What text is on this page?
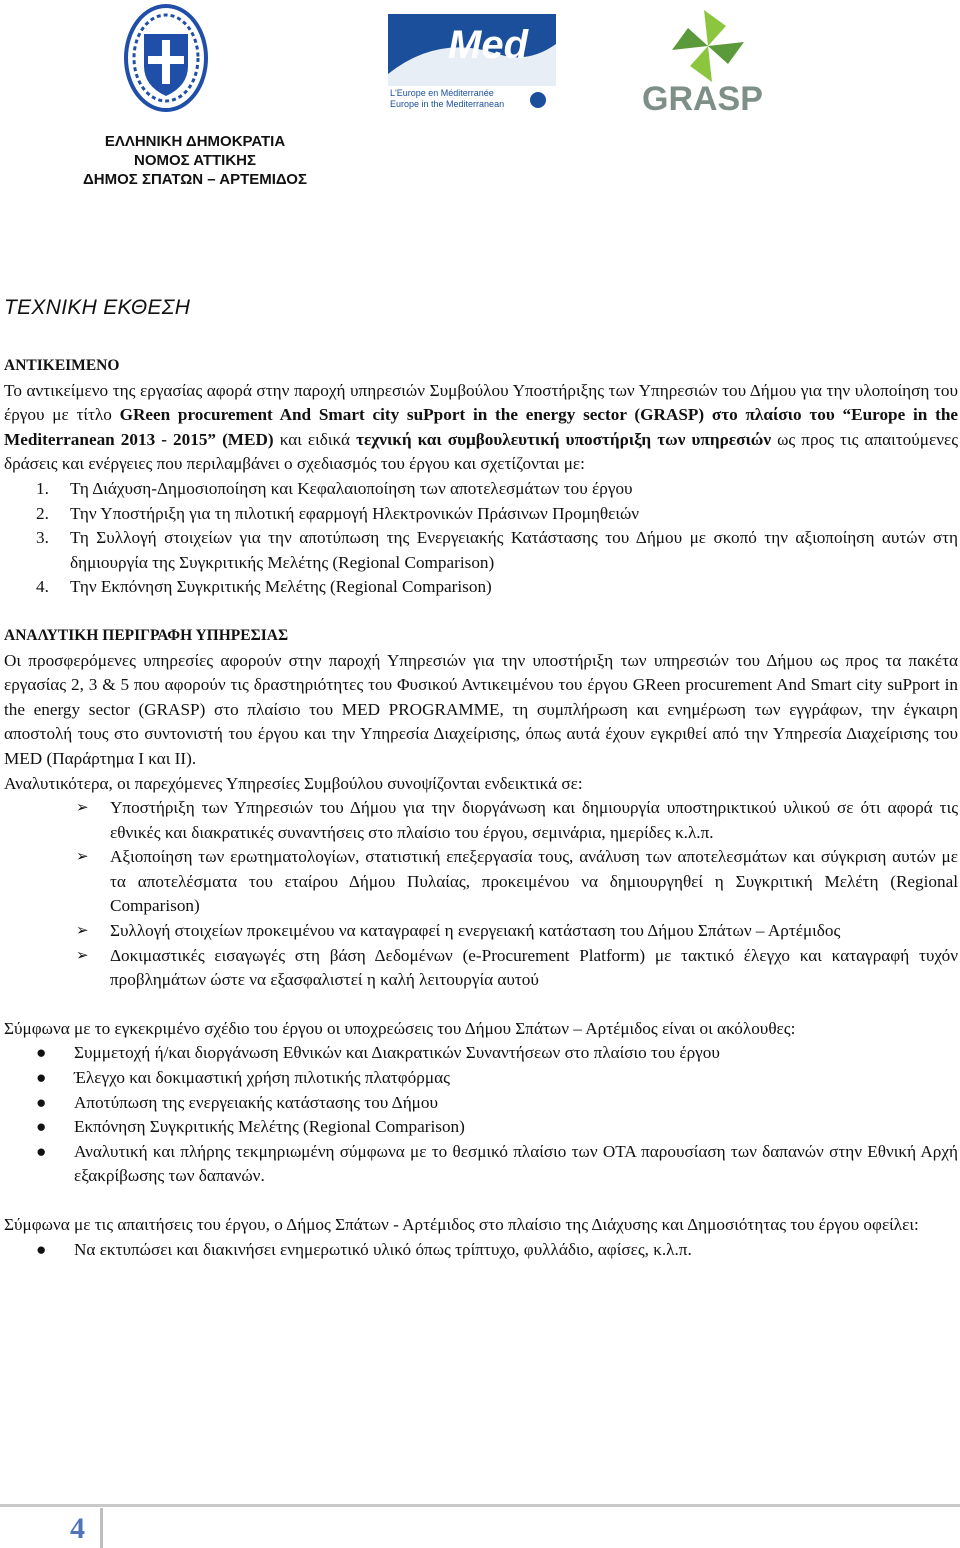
Med
L'Europe en Méditerranée
Europe in the Mediterranean	GRASP
ΕΛΛΗΝΙΚΗ ΔΗΜΟΚΡΑΤΙΑ
ΝΟΜΟΣ ΑΤΤΙΚΗΣ
ΔΗΜΟΣ ΣΠΑΤΩΝ – ΑΡΤΕΜΙΔΟΣ
ΤΕΧΝΙΚΗ ΕΚΘΕΣΗ

ΑΝΤΙΚΕΙΜΕΝΟ

Το αντικείμενο της εργασίας αφορά στην παροχή υπηρεσιών Συμβούλου Υποστήριξης των Υπηρεσιών του Δήμου για την υλοποίηση του έργου με τίτλο GReen procurement And Smart city suPport in the energy sector (GRASP) στο πλαίσιο του “Europe in the Mediterranean 2013 - 2015” (MED) και ειδικά τεχνική και συμβουλευτική υποστήριξη των υπηρεσιών ως προς τις απαιτούμενες δράσεις και ενέργειες που περιλαμβάνει ο σχεδιασμός του έργου και σχετίζονται με:

1.	Τη Διάχυση-Δημοσιοποίηση και Κεφαλαιοποίηση των αποτελεσμάτων του έργου
2.	Την Υποστήριξη για τη πιλοτική εφαρμογή Ηλεκτρονικών Πράσινων Προμηθειών
3.	Τη Συλλογή στοιχείων για την αποτύπωση της Ενεργειακής Κατάστασης του Δήμου με σκοπό την αξιοποίηση αυτών στη δημιουργία της Συγκριτικής Μελέτης (Regional Comparison)
4.	Την Εκπόνηση Συγκριτικής Μελέτης (Regional Comparison)

ΑΝΑΛΥΤΙΚΗ ΠΕΡΙΓΡΑΦΗ ΥΠΗΡΕΣΙΑΣ

Οι προσφερόμενες υπηρεσίες αφορούν στην παροχή Υπηρεσιών για την υποστήριξη των υπηρεσιών του Δήμου ως προς τα πακέτα εργασίας 2, 3 & 5 που αφορούν τις δραστηριότητες του Φυσικού Αντικειμένου του έργου GReen procurement And Smart city suPport in the energy sector (GRASP) στο πλαίσιο του MED PROGRAMME, τη συμπλήρωση και ενημέρωση των εγγράφων, την έγκαιρη αποστολή τους στο συντονιστή του έργου και την Υπηρεσία Διαχείρισης, όπως αυτά έχουν εγκριθεί από την Υπηρεσία Διαχείρισης του MED (Παράρτημα Ι και ΙΙ).

Αναλυτικότερα, οι παρεχόμενες Υπηρεσίες Συμβούλου συνοψίζονται ενδεικτικά σε:

➢	Υποστήριξη των Υπηρεσιών του Δήμου για την διοργάνωση και δημιουργία υποστηρικτικού υλικού σε ότι αφορά τις εθνικές και διακρατικές συναντήσεις στο πλαίσιο του έργου, σεμινάρια, ημερίδες κ.λ.π.
➢	Αξιοποίηση των ερωτηματολογίων, στατιστική επεξεργασία τους, ανάλυση των αποτελεσμάτων και σύγκριση αυτών με τα αποτελέσματα του εταίρου Δήμου Πυλαίας, προκειμένου να δημιουργηθεί η Συγκριτική Μελέτη (Regional Comparison)
➢	Συλλογή στοιχείων προκειμένου να καταγραφεί η ενεργειακή κατάσταση του Δήμου Σπάτων – Αρτέμιδος
➢	Δοκιμαστικές εισαγωγές στη βάση Δεδομένων (e-Procurement Platform) με τακτικό έλεγχο και καταγραφή τυχόν προβλημάτων ώστε να εξασφαλιστεί η καλή λειτουργία αυτού

Σύμφωνα με το εγκεκριμένο σχέδιο του έργου οι υποχρεώσεις του Δήμου Σπάτων – Αρτέμιδος είναι οι ακόλουθες:

●	Συμμετοχή ή/και διοργάνωση Εθνικών και Διακρατικών Συναντήσεων στο πλαίσιο του έργου
●	Έλεγχο και δοκιμαστική χρήση πιλοτικής πλατφόρμας
●	Αποτύπωση της ενεργειακής κατάστασης του Δήμου
●	Εκπόνηση Συγκριτικής Μελέτης (Regional Comparison)
●	Αναλυτική και πλήρης τεκμηριωμένη σύμφωνα με το θεσμικό πλαίσιο των ΟΤΑ παρουσίαση των δαπανών στην Εθνική Αρχή εξακρίβωσης των δαπανών.

Σύμφωνα με τις απαιτήσεις του έργου, ο Δήμος Σπάτων - Αρτέμιδος στο πλαίσιο της Διάχυσης και Δημοσιότητας του έργου οφείλει:

●	Να εκτυπώσει και διακινήσει ενημερωτικό υλικό όπως τρίπτυχο, φυλλάδιο, αφίσες, κ.λ.π.
4
